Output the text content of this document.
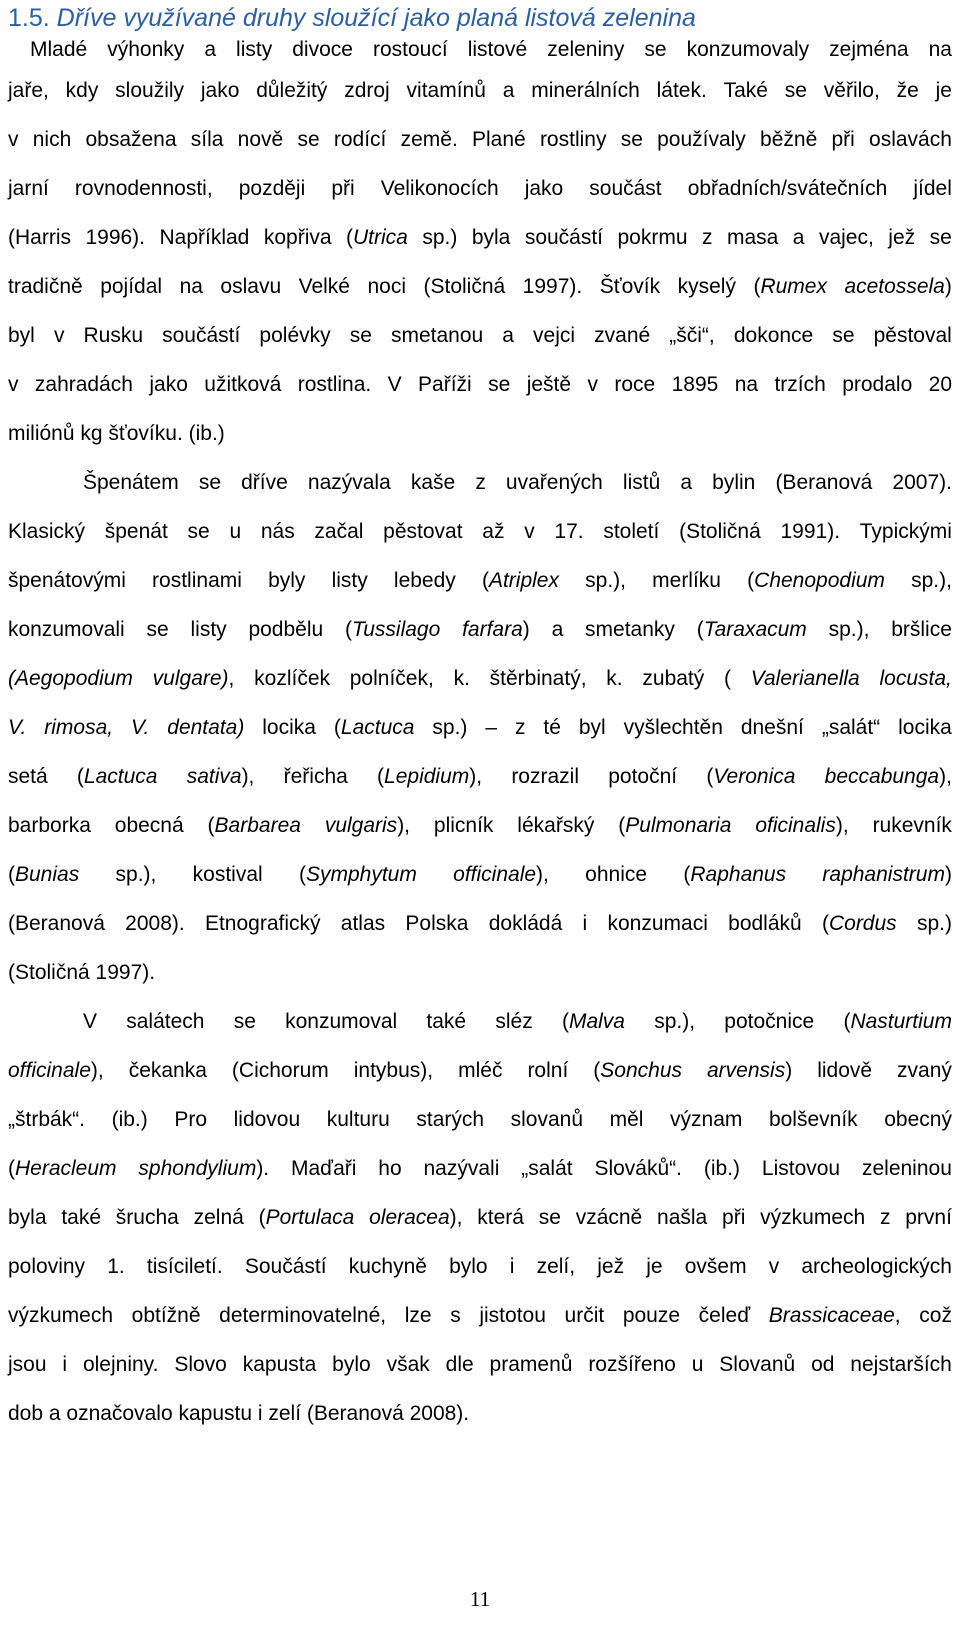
1.5. Dříve využívané druhy sloužící jako planá listová zelenina
Mladé výhonky a listy divoce rostoucí listové zeleniny se konzumovaly zejména na
jaře, kdy sloužily jako důležitý zdroj vitamínů a minerálních látek. Také se věřilo, že je
v nich obsažena síla nově se rodící země. Plané rostliny se používaly běžně při oslavách
jarní rovnodennosti, později při Velikonocích jako součást obřadních/svátečních jídel
(Harris 1996). Například kopřiva (Utrica sp.) byla součástí pokrmu z masa a vajec, jež se
tradičně pojídal na oslavu Velké noci (Stoličná 1997). Šťovík kyselý (Rumex acetossela)
byl v Rusku součástí polévky se smetanou a vejci zvané „šči“, dokonce se pěstoval
v zahradách jako užitková rostlina. V Paříži se ještě v roce 1895 na trzích prodalo 20
miliónů kg šťovíku. (ib.)
Špenátem se dříve nazývala kaše z uvařených listů a bylin (Beranová 2007).
Klasický špenát se u nás začal pěstovat až v 17. století (Stoličná 1991). Typickými
špenátovými rostlinami byly listy lebedy (Atriplex sp.), merlíku (Chenopodium sp.),
konzumovali se listy podbělu (Tussilago farfara) a smetanky (Taraxacum sp.), bršlice
(Aegopodium vulgare), kozlíček polníček, k. štěrbinatý, k. zubatý ( Valerianella locusta,
V. rimosa, V. dentata) locika (Lactuca sp.) – z té byl vyšlechtěn dnešní „salát“ locika
setá (Lactuca sativa), řeřicha (Lepidium), rozrazil potoční (Veronica beccabunga),
barborka obecná (Barbarea vulgaris), plicník lékařský (Pulmonaria oficinalis), rukevník
(Bunias sp.), kostival (Symphytum officinale), ohnice (Raphanus raphanistrum)
(Beranová 2008). Etnografický atlas Polska dokládá i konzumaci bodláků (Cordus sp.)
(Stoličná 1997).
V salátech se konzumoval také sléz (Malva sp.), potočnice (Nasturtium
officinale), čekanka (Cichorum intybus), mléč rolní (Sonchus arvensis) lidově zvaný
„štrbák“. (ib.) Pro lidovou kulturu starých slovanů měl význam bolševník obecný
(Heracleum sphondylium). Maďaři ho nazývali „salát Slováků“. (ib.) Listovou zeleninou
byla také šrucha zelná (Portulaca oleracea), která se vzácně našla při výzkumech z první
poloviny 1. tisíciletí. Součástí kuchyně bylo i zelí, jež je ovšem v archeologických
výzkumech obtížně determinovatelné, lze s jistotou určit pouze čeleď Brassicaceae, což
jsou i olejniny. Slovo kapusta bylo však dle pramenů rozšířeno u Slovanů od nejstarších
dob a označovalo kapustu i zelí (Beranová 2008).
11
